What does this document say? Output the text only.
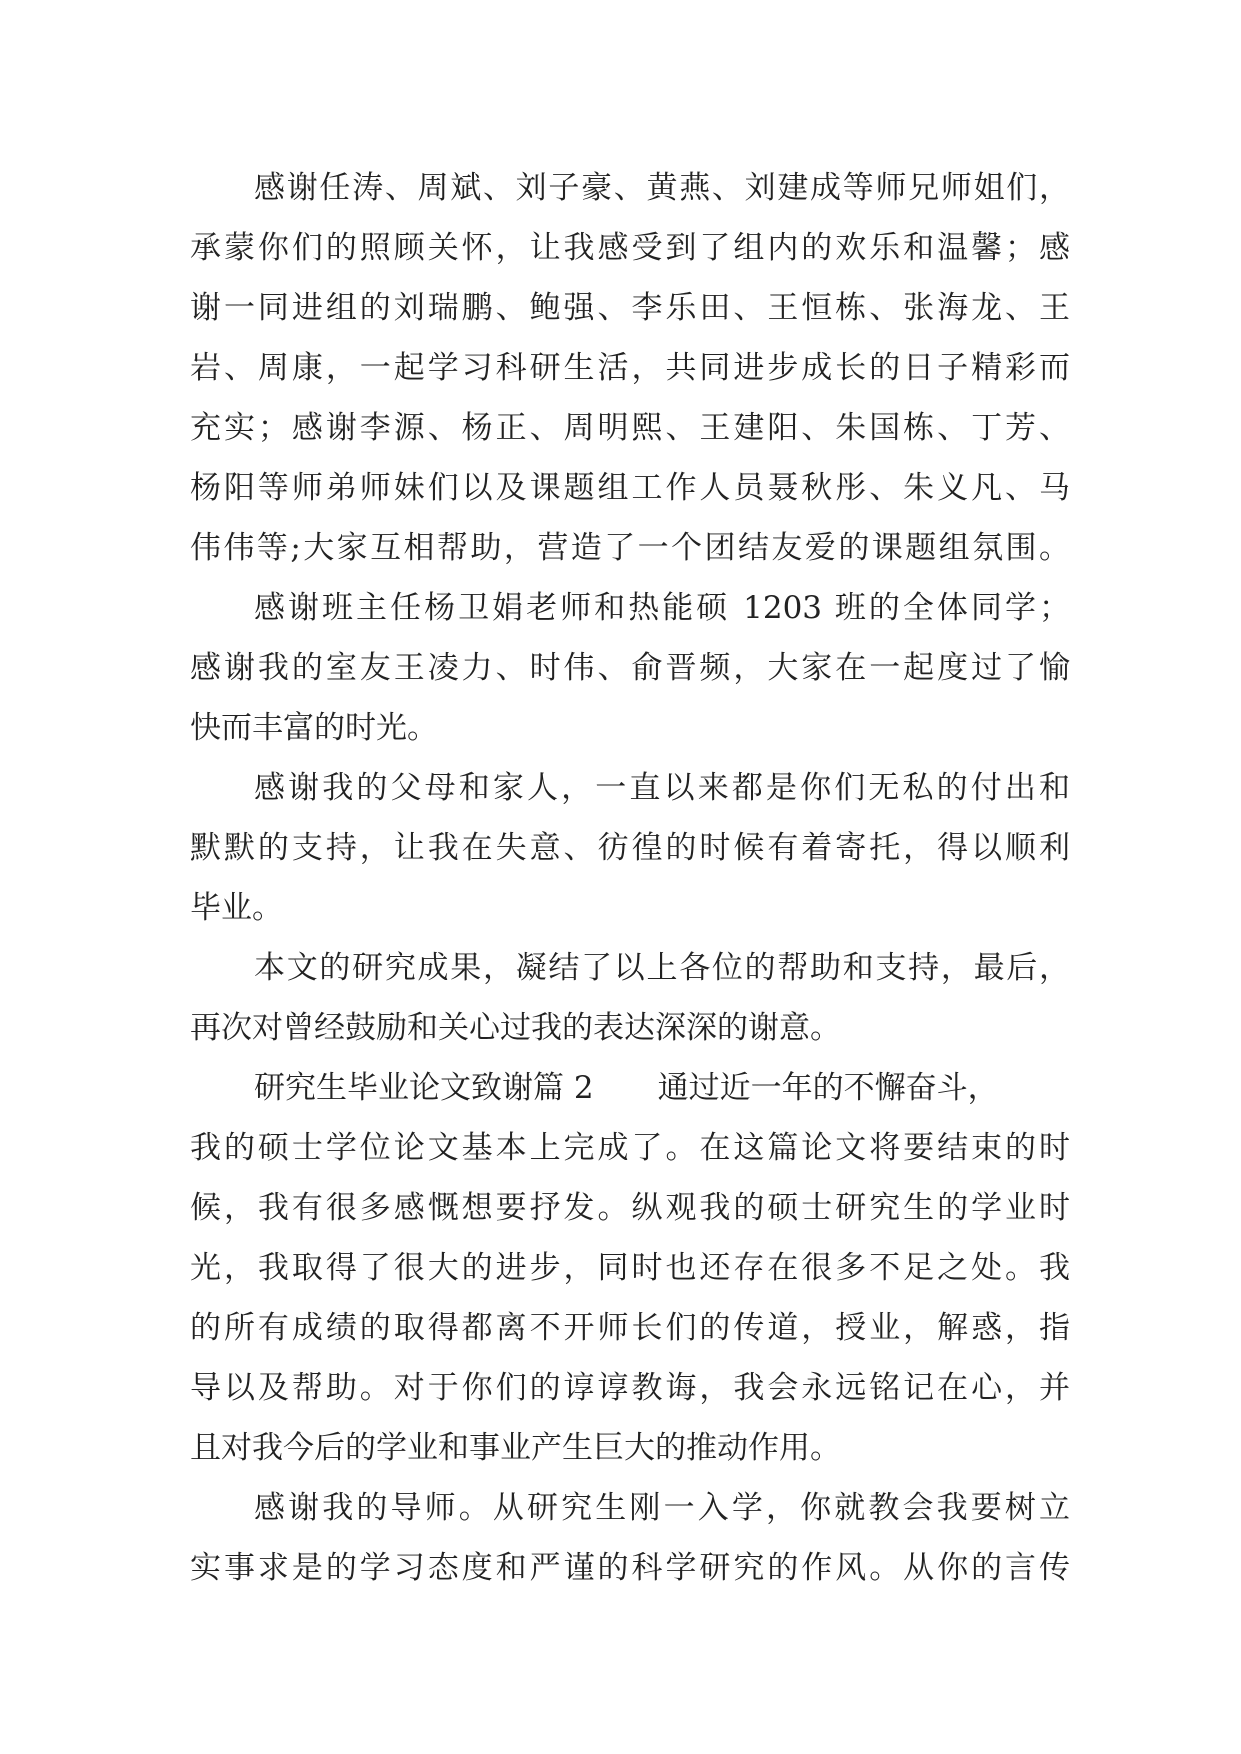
感谢任涛、周斌、刘子豪、黄燕、刘建成等师兄师姐们，
承蒙你们的照顾关怀，让我感受到了组内的欢乐和温馨；感
谢一同进组的刘瑞鹏、鲍强、李乐田、王恒栋、张海龙、王
岩、周康，一起学习科研生活，共同进步成长的日子精彩而
充实；感谢李源、杨正、周明熙、王建阳、朱国栋、丁芳、
杨阳等师弟师妹们以及课题组工作人员聂秋彤、朱义凡、马
伟伟等;大家互相帮助，营造了一个团结友爱的课题组氛围。
感谢班主任杨卫娟老师和热能硕 1203 班的全体同学；
感谢我的室友王凌力、时伟、俞晋频，大家在一起度过了愉
快而丰富的时光。
感谢我的父母和家人，一直以来都是你们无私的付出和
默默的支持，让我在失意、彷徨的时候有着寄托，得以顺利
毕业。
本文的研究成果，凝结了以上各位的帮助和支持，最后，
再次对曾经鼓励和关心过我的表达深深的谢意。
研究生毕业论文致谢篇 2 通过近一年的不懈奋斗，
我的硕士学位论文基本上完成了。在这篇论文将要结束的时
候，我有很多感慨想要抒发。纵观我的硕士研究生的学业时
光，我取得了很大的进步，同时也还存在很多不足之处。我
的所有成绩的取得都离不开师长们的传道，授业，解惑，指
导以及帮助。对于你们的谆谆教诲，我会永远铭记在心，并
且对我今后的学业和事业产生巨大的推动作用。
感谢我的导师。从研究生刚一入学，你就教会我要树立
实事求是的学习态度和严谨的科学研究的作风。从你的言传
